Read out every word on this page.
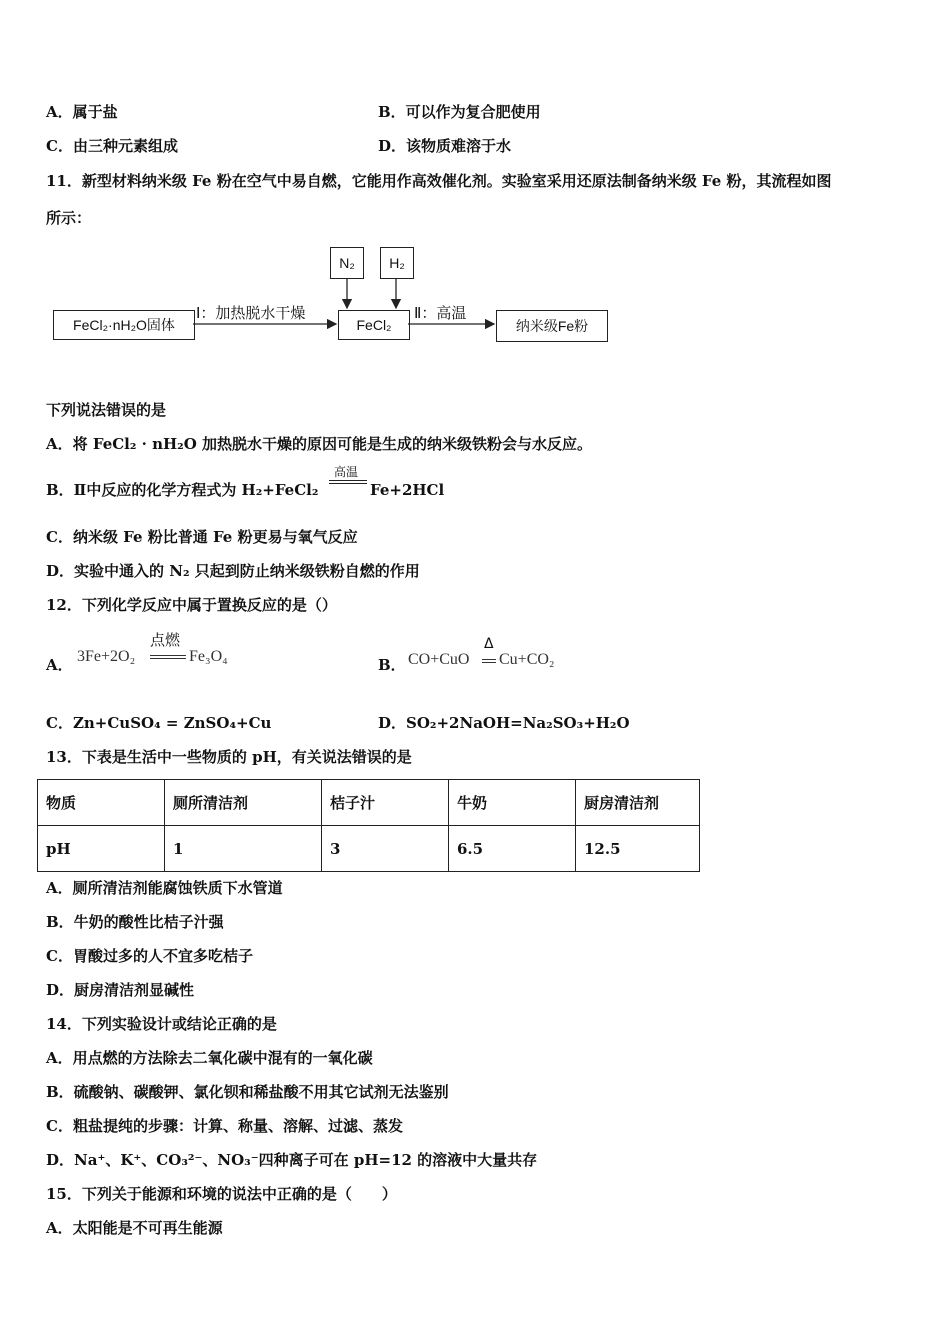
A．属于盐	B．可以作为复合肥使用
C．由三种元素组成	D．该物质难溶于水
11．新型材料纳米级 Fe 粉在空气中易自燃，它能用作高效催化剂。实验室采用还原法制备纳米级 Fe 粉，其流程如图
所示：
N₂ H₂
FeCl₂·nH₂O固体	FeCl₂	纳米级Fe粉
Ⅰ：加热脱水干燥	Ⅱ：高温
下列说法错误的是
A．将 FeCl₂ · nH₂O 加热脱水干燥的原因可能是生成的纳米级铁粉会与水反应。
B．Ⅱ中反应的化学方程式为 H₂+FeCl₂
高温
Fe+2HCl
C．纳米级 Fe 粉比普通 Fe 粉更易与氧气反应
D．实验中通入的 N₂ 只起到防止纳米级铁粉自燃的作用
12．下列化学反应中属于置换反应的是（）
A． 3Fe+2O₂
点燃
Fe₃O₄	B． CO+CuO
Δ
Cu+CO₂
C．Zn+CuSO₄ = ZnSO₄+Cu	D．SO₂+2NaOH=Na₂SO₃+H₂O
13．下表是生活中一些物质的 pH，有关说法错误的是
物质	厕所清洁剂	桔子汁	牛奶	厨房清洁剂
pH	1	3	6.5	12.5
A．厕所清洁剂能腐蚀铁质下水管道
B．牛奶的酸性比桔子汁强
C．胃酸过多的人不宜多吃桔子
D．厨房清洁剂显碱性
14．下列实验设计或结论正确的是
A．用点燃的方法除去二氧化碳中混有的一氧化碳
B．硫酸钠、碳酸钾、氯化钡和稀盐酸不用其它试剂无法鉴别
C．粗盐提纯的步骤：计算、称量、溶解、过滤、蒸发
D．Na⁺、K⁺、CO₃²⁻、NO₃⁻四种离子可在 pH=12 的溶液中大量共存
15．下列关于能源和环境的说法中正确的是（　　）
A．太阳能是不可再生能源
